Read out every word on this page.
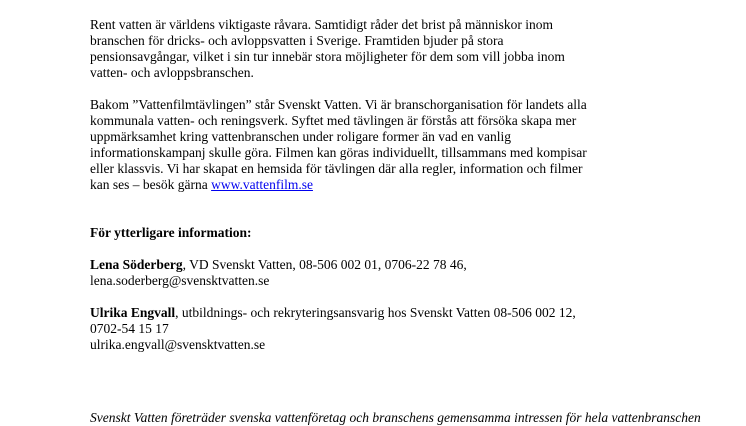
Rent vatten är världens viktigaste råvara. Samtidigt råder det brist på människor inom
branschen för dricks- och avloppsvatten i Sverige. Framtiden bjuder på stora
pensionsavgångar, vilket i sin tur innebär stora möjligheter för dem som vill jobba inom
vatten- och avloppsbranschen.

Bakom ”Vattenfilmtävlingen” står Svenskt Vatten. Vi är branschorganisation för landets alla
kommunala vatten- och reningsverk. Syftet med tävlingen är förstås att försöka skapa mer
uppmärksamhet kring vattenbranschen under roligare former än vad en vanlig
informationskampanj skulle göra. Filmen kan göras individuellt, tillsammans med kompisar
eller klassvis. Vi har skapat en hemsida för tävlingen där alla regler, information och filmer
kan ses – besök gärna www.vattenfilm.se

För ytterligare information:

Lena Söderberg, VD Svenskt Vatten, 08-506 002 01, 0706-22 78 46,
lena.soderberg@svensktvatten.se

Ulrika Engvall, utbildnings- och rekryteringsansvarig hos Svenskt Vatten 08-506 002 12,
0702-54 15 17
ulrika.engvall@svensktvatten.se

Svenskt Vatten företräder svenska vattenföretag och branschens gemensamma intressen för hela vattenbranschen
